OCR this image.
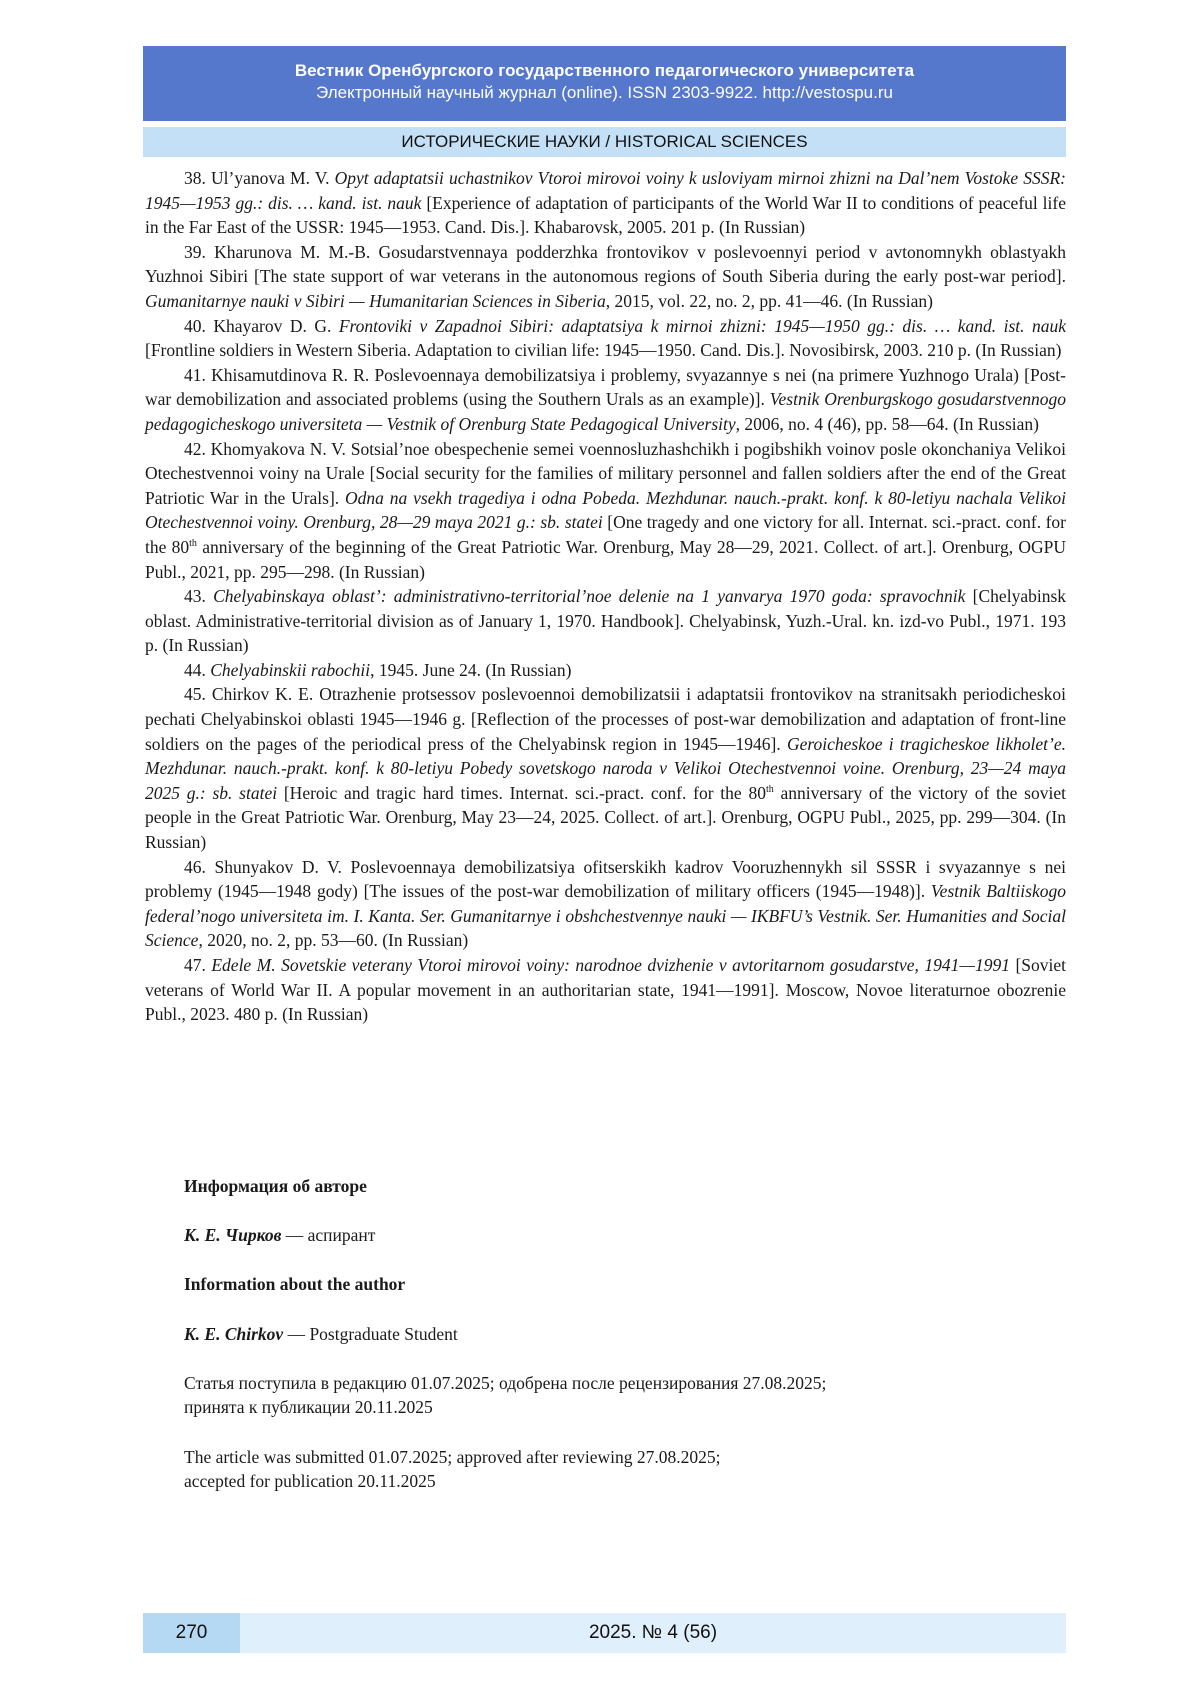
Вестник Оренбургского государственного педагогического университета
Электронный научный журнал (online). ISSN 2303-9922. http://vestospu.ru
ИСТОРИЧЕСКИЕ НАУКИ / HISTORICAL SCIENCES

38. Ul’yanova M. V. Opyt adaptatsii uchastnikov Vtoroi mirovoi voiny k usloviyam mirnoi zhizni na Dal’nem Vostoke SSSR: 1945—1953 gg.: dis. … kand. ist. nauk [Experience of adaptation of participants of the World War II to conditions of peaceful life in the Far East of the USSR: 1945—1953. Cand. Dis.]. Khabarovsk, 2005. 201 p. (In Russian)

39. Kharunova M. M.-B. Gosudarstvennaya podderzhka frontovikov v poslevoennyi period v avtonomnykh oblastyakh Yuzhnoi Sibiri [The state support of war veterans in the autonomous regions of South Siberia during the early post-war period]. Gumanitarnye nauki v Sibiri — Humanitarian Sciences in Siberia, 2015, vol. 22, no. 2, pp. 41—46. (In Russian)

40. Khayarov D. G. Frontoviki v Zapadnoi Sibiri: adaptatsiya k mirnoi zhizni: 1945—1950 gg.: dis. … kand. ist. nauk [Frontline soldiers in Western Siberia. Adaptation to civilian life: 1945—1950. Cand. Dis.]. Novosibirsk, 2003. 210 p. (In Russian)

41. Khisamutdinova R. R. Poslevoennaya demobilizatsiya i problemy, svyazannye s nei (na primere Yuzhnogo Urala) [Post-war demobilization and associated problems (using the Southern Urals as an example)]. Vestnik Orenburgskogo gosudarstvennogo pedagogicheskogo universiteta — Vestnik of Orenburg State Pedagogical University, 2006, no. 4 (46), pp. 58—64. (In Russian)

42. Khomyakova N. V. Sotsial’noe obespechenie semei voennosluzhashchikh i pogibshikh voinov posle okonchaniya Velikoi Otechestvennoi voiny na Urale [Social security for the families of military personnel and fallen soldiers after the end of the Great Patriotic War in the Urals]. Odna na vsekh tragediya i odna Pobeda. Mezhdunar. nauch.-prakt. konf. k 80-letiyu nachala Velikoi Otechestvennoi voiny. Orenburg, 28—29 maya 2021 g.: sb. statei [One tragedy and one victory for all. Internat. sci.-pract. conf. for the 80th anniversary of the beginning of the Great Patriotic War. Orenburg, May 28—29, 2021. Collect. of art.]. Orenburg, OGPU Publ., 2021, pp. 295—298. (In Russian)

43. Chelyabinskaya oblast’: administrativno-territorial’noe delenie na 1 yanvarya 1970 goda: spravochnik [Chelyabinsk oblast. Administrative-territorial division as of January 1, 1970. Handbook]. Chelyabinsk, Yuzh.-Ural. kn. izd-vo Publ., 1971. 193 p. (In Russian)

44. Chelyabinskii rabochii, 1945. June 24. (In Russian)

45. Chirkov K. E. Otrazhenie protsessov poslevoennoi demobilizatsii i adaptatsii frontovikov na stranitsakh periodicheskoi pechati Chelyabinskoi oblasti 1945—1946 g. [Reflection of the processes of post-war demobilization and adaptation of front-line soldiers on the pages of the periodical press of the Chelyabinsk region in 1945—1946]. Geroicheskoe i tragicheskoe likholet’e. Mezhdunar. nauch.-prakt. konf. k 80-letiyu Pobedy sovetskogo naroda v Velikoi Otechestvennoi voine. Orenburg, 23—24 maya 2025 g.: sb. statei [Heroic and tragic hard times. Internat. sci.-pract. conf. for the 80th anniversary of the victory of the soviet people in the Great Patriotic War. Orenburg, May 23—24, 2025. Collect. of art.]. Orenburg, OGPU Publ., 2025, pp. 299—304. (In Russian)

46. Shunyakov D. V. Poslevoennaya demobilizatsiya ofitserskikh kadrov Vooruzhennykh sil SSSR i svyazannye s nei problemy (1945—1948 gody) [The issues of the post-war demobilization of military officers (1945—1948)]. Vestnik Baltiiskogo federal’nogo universiteta im. I. Kanta. Ser. Gumanitarnye i obshchestvennye nauki — IKBFU’s Vestnik. Ser. Humanities and Social Science, 2020, no. 2, pp. 53—60. (In Russian)

47. Edele M. Sovetskie veterany Vtoroi mirovoi voiny: narodnoe dvizhenie v avtoritarnom gosudarstve, 1941—1991 [Soviet veterans of World War II. A popular movement in an authoritarian state, 1941—1991]. Moscow, Novoe literaturnoe obozrenie Publ., 2023. 480 p. (In Russian)

Информация об авторе

К. Е. Чирков — аспирант

Information about the author

K. E. Chirkov — Postgraduate Student

Статья поступила в редакцию 01.07.2025; одобрена после рецензирования 27.08.2025;
принята к публикации 20.11.2025

The article was submitted 01.07.2025; approved after reviewing 27.08.2025;
accepted for publication 20.11.2025

270	2025. № 4 (56)
